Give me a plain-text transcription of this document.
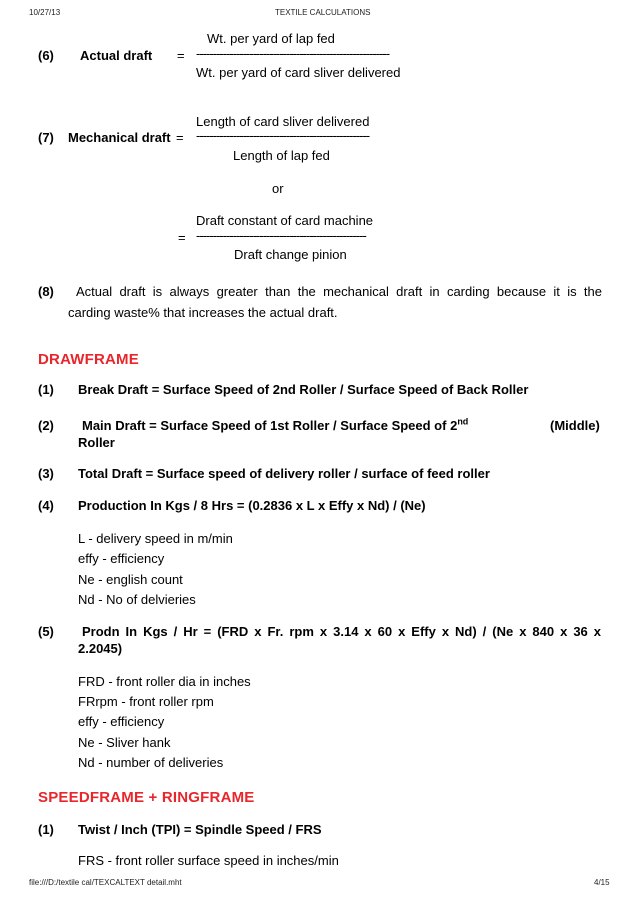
10/27/13	TEXTILE CALCULATIONS
Wt. per yard of lap fed
(6) Actual draft = ----------------------------------------------------------
Wt. per yard of card sliver delivered
Length of card sliver delivered
(7) Mechanical draft = ----------------------------------------------------
Length of lap fed
or
Draft constant of card machine
= ---------------------------------------------------
Draft change pinion
(8) Actual draft is always greater than the mechanical draft in carding because it is the
carding waste% that increases the actual draft.
DRAWFRAME
(1) Break Draft = Surface Speed of 2nd Roller / Surface Speed of Back Roller
(2) Main Draft = Surface Speed of 1st Roller / Surface Speed of 2nd	(Middle)
Roller
(3) Total Draft = Surface speed of delivery roller / surface of feed roller
(4) Production In Kgs / 8 Hrs = (0.2836 x L x Effy x Nd) / (Ne)
L - delivery speed in m/min
effy - efficiency
Ne - english count
Nd - No of delvieries
(5) Prodn In Kgs / Hr = (FRD x Fr. rpm x 3.14 x 60 x Effy x Nd) / (Ne x 840 x 36 x
2.2045)
FRD - front roller dia in inches
FRrpm - front roller rpm
effy - efficiency
Ne - Sliver hank
Nd - number of deliveries
SPEEDFRAME + RINGFRAME
(1) Twist / Inch (TPI) = Spindle Speed / FRS
FRS - front roller surface speed in inches/min
file:///D:/textile cal/TEXCALTEXT detail.mht	4/15
